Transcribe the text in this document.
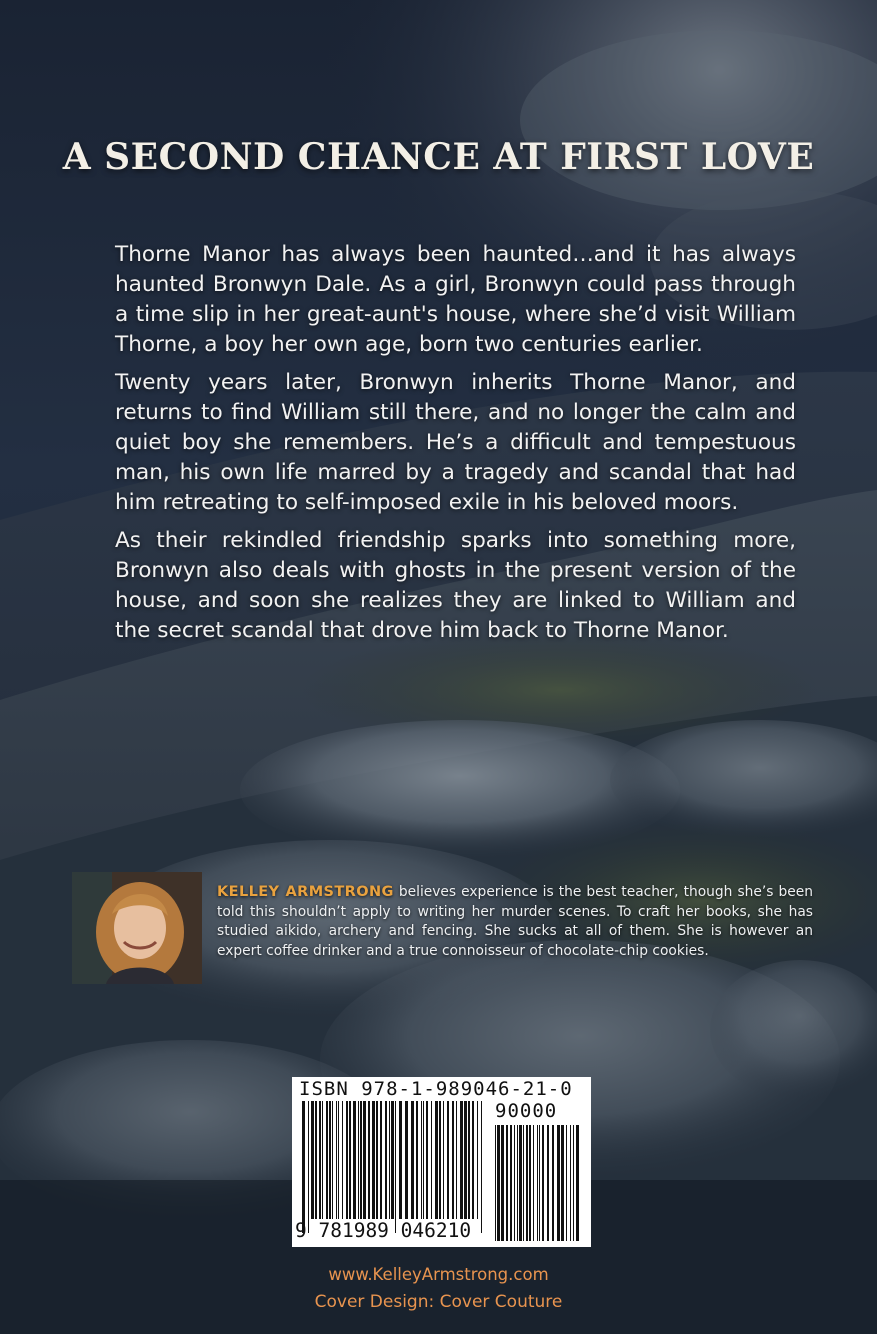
A SECOND CHANCE AT FIRST LOVE

Thorne Manor has always been haunted…and it has always haunted Bronwyn Dale. As a girl, Bronwyn could pass through a time slip in her great-aunt's house, where she’d visit William Thorne, a boy her own age, born two centuries earlier.

Twenty years later, Bronwyn inherits Thorne Manor, and returns to find William still there, and no longer the calm and quiet boy she remembers. He’s a difficult and tempestuous man, his own life marred by a tragedy and scandal that had him retreating to self-imposed exile in his beloved moors.

As their rekindled friendship sparks into something more, Bronwyn also deals with ghosts in the present version of the house, and soon she realizes they are linked to William and the secret scandal that drove him back to Thorne Manor.

KELLEY ARMSTRONG believes experience is the best teacher, though she’s been told this shouldn’t apply to writing her murder scenes. To craft her books, she has studied aikido, archery and fencing. She sucks at all of them. She is however an expert coffee drinker and a true connoisseur of chocolate-chip cookies.

ISBN 978-1-989046-21-0

90000

9 781989 046210

www.KelleyArmstrong.com

Cover Design: Cover Couture
